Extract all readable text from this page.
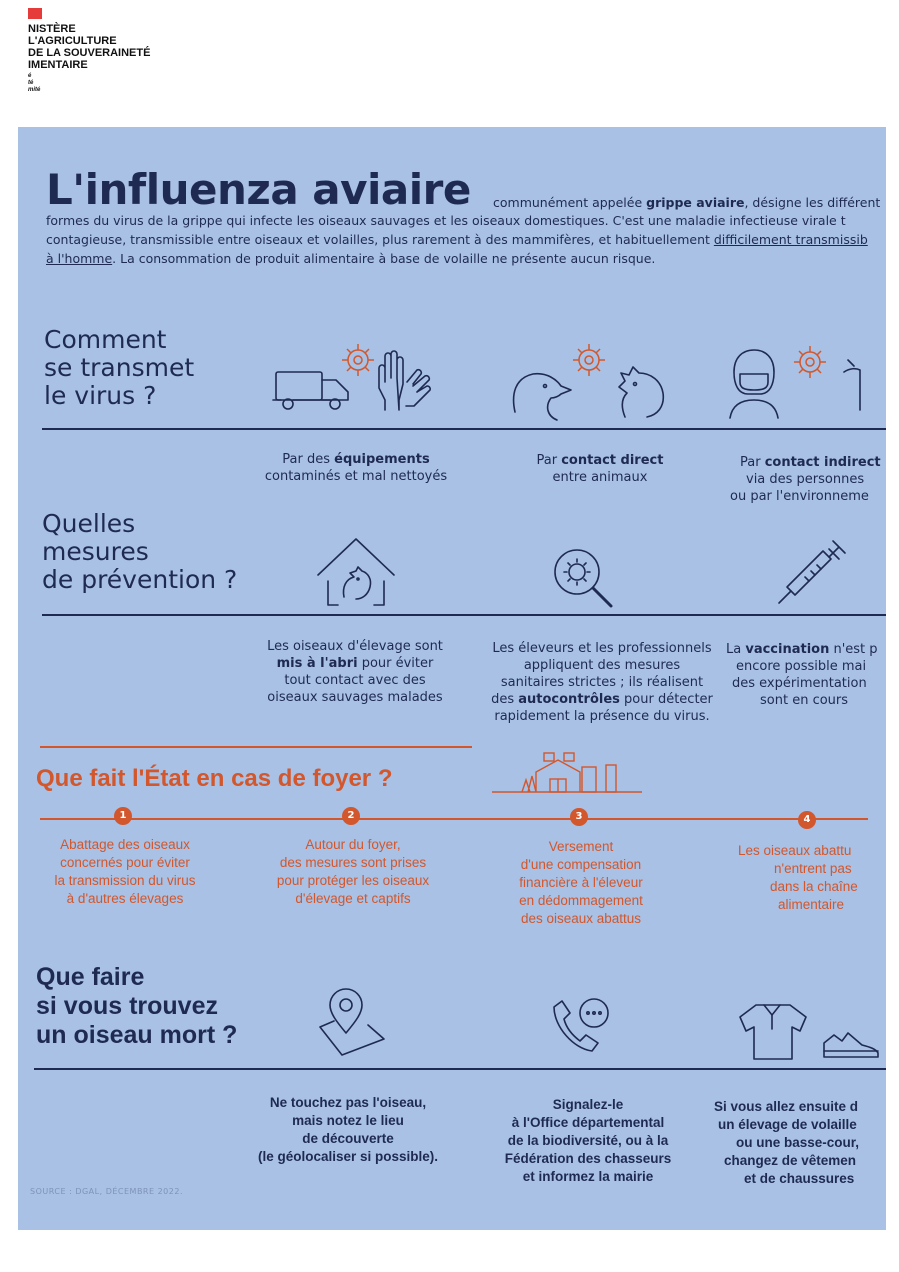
NISTÈRE
L'AGRICULTURE
DE LA SOUVERAINETÉ
IMENTAIRE
é
té
mité
L'influenza aviaire communément appelée grippe aviaire, désigne les différent
formes du virus de la grippe qui infecte les oiseaux sauvages et les oiseaux domestiques. C'est une maladie infectieuse virale t
contagieuse, transmissible entre oiseaux et volailles, plus rarement à des mammifères, et habituellement difficilement transmissib
à l'homme. La consommation de produit alimentaire à base de volaille ne présente aucun risque.
Comment
se transmet
le virus ?
Par des équipements
contaminés et mal nettoyés
Par contact direct
entre animaux
Par contact indirect
via des personnes
ou par l'environneme
Quelles
mesures
de prévention ?
Les oiseaux d'élevage sont
mis à l'abri pour éviter
tout contact avec des
oiseaux sauvages malades
Les éleveurs et les professionnels
appliquent des mesures
sanitaires strictes ; ils réalisent
des autocontrôles pour détecter
rapidement la présence du virus.
La vaccination n'est p
encore possible mai
des expérimentation
sont en cours
Que fait l'État en cas de foyer ?
1	2	3	4
Abattage des oiseaux
concernés pour éviter
la transmission du virus
à d'autres élevages
Autour du foyer,
des mesures sont prises
pour protéger les oiseaux
d'élevage et captifs
Versement
d'une compensation
financière à l'éleveur
en dédommagement
des oiseaux abattus
Les oiseaux abattu
n'entrent pas
dans la chaîne
alimentaire
Que faire
si vous trouvez
un oiseau mort ?
Ne touchez pas l'oiseau,
mais notez le lieu
de découverte
(le géolocaliser si possible).
Signalez-le
à l'Office départemental
de la biodiversité, ou à la
Fédération des chasseurs
et informez la mairie
Si vous allez ensuite d
un élevage de volaille
ou une basse-cour,
changez de vêtemen
et de chaussures
SOURCE : DGAL, DÉCEMBRE 2022.
